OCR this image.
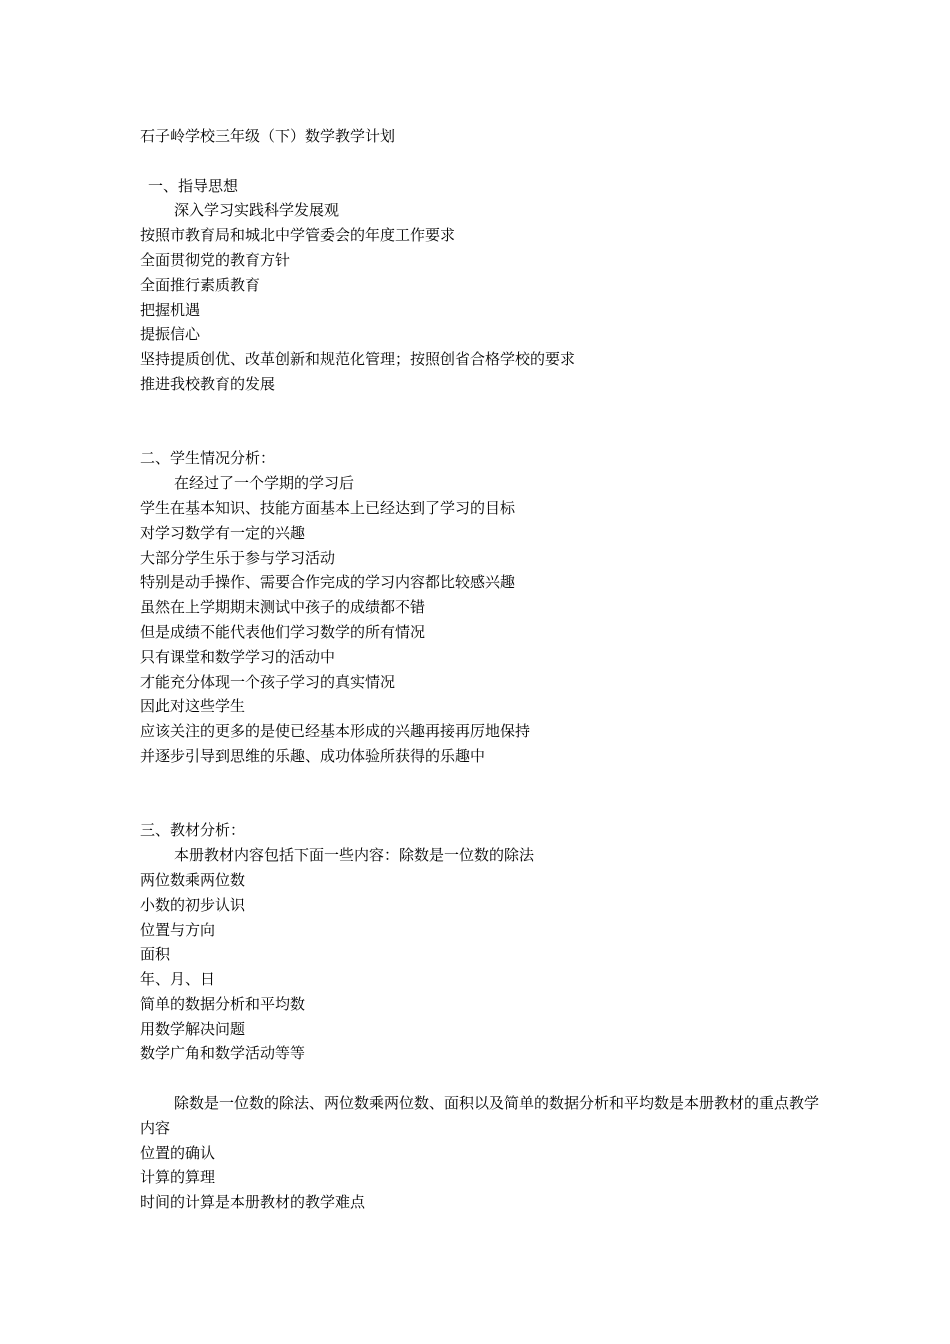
石子岭学校三年级（下）数学教学计划
一、指导思想
深入学习实践科学发展观
按照市教育局和城北中学管委会的年度工作要求
全面贯彻党的教育方针
全面推行素质教育
把握机遇
提振信心
坚持提质创优、改革创新和规范化管理；按照创省合格学校的要求
推进我校教育的发展
二、学生情况分析：
在经过了一个学期的学习后
学生在基本知识、技能方面基本上已经达到了学习的目标
对学习数学有一定的兴趣
大部分学生乐于参与学习活动
特别是动手操作、需要合作完成的学习内容都比较感兴趣
虽然在上学期期末测试中孩子的成绩都不错
但是成绩不能代表他们学习数学的所有情况
只有课堂和数学学习的活动中
才能充分体现一个孩子学习的真实情况
因此对这些学生
应该关注的更多的是使已经基本形成的兴趣再接再厉地保持
并逐步引导到思维的乐趣、成功体验所获得的乐趣中
三、教材分析：
本册教材内容包括下面一些内容：除数是一位数的除法
两位数乘两位数
小数的初步认识
位置与方向
面积
年、月、日
简单的数据分析和平均数
用数学解决问题
数学广角和数学活动等等
除数是一位数的除法、两位数乘两位数、面积以及简单的数据分析和平均数是本册教材的重点教学内容
位置的确认
计算的算理
时间的计算是本册教材的教学难点
